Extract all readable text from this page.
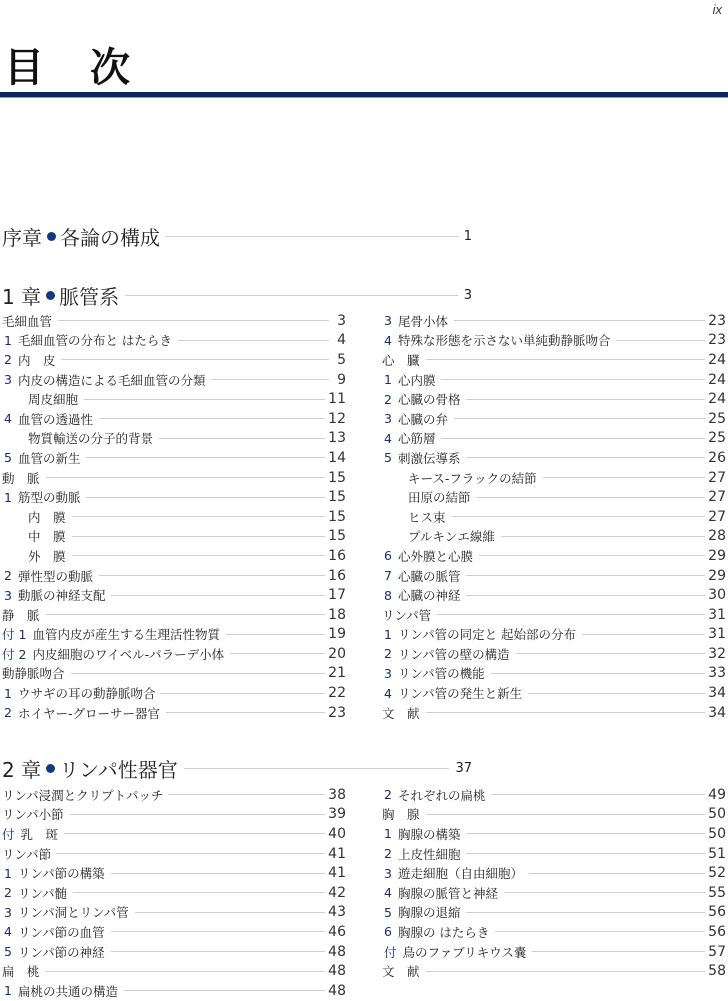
ix
目 次
序章 各論の構成	1
1 章 脈管系	3
毛細血管	3
1 毛細血管の分布と はたらき	4
2 内　皮	5
3 内皮の構造による毛細血管の分類	9
周皮細胞	11
4 血管の透過性	12
物質輸送の分子的背景	13
5 血管の新生	14
動　脈	15
1 筋型の動脈	15
内　膜	15
中　膜	15
外　膜	16
2 弾性型の動脈	16
3 動脈の神経支配	17
静　脈	18
付 1 血管内皮が産生する生理活性物質	19
付 2 内皮細胞のワイベル-パラーデ小体	20
動静脈吻合	21
1 ウサギの耳の動静脈吻合	22
2 ホイヤー-グローサー器官	23
3 尾骨小体	23
4 特殊な形態を示さない単純動静脈吻合	23
心　臓	24
1 心内膜	24
2 心臓の骨格	24
3 心臓の弁	25
4 心筋層	25
5 刺激伝導系	26
キース-フラックの結節	27
田原の結節	27
ヒス束	27
プルキンエ線維	28
6 心外膜と心膜	29
7 心臓の脈管	29
8 心臓の神経	30
リンパ管	31
1 リンパ管の同定と 起始部の分布	31
2 リンパ管の壁の構造	32
3 リンパ管の機能	33
4 リンパ管の発生と新生	34
文　献	34
2 章 リンパ性器官	37
リンパ浸潤とクリプトパッチ	38
リンパ小節	39
付 乳　斑	40
リンパ節	41
1 リンパ節の構築	41
2 リンパ髄	42
3 リンパ洞とリンパ管	43
4 リンパ節の血管	46
5 リンパ節の神経	48
扁　桃	48
1 扁桃の共通の構造	48
2 それぞれの扁桃	49
胸　腺	50
1 胸腺の構築	50
2 上皮性細胞	51
3 遊走細胞（自由細胞）	52
4 胸腺の脈管と神経	55
5 胸腺の退縮	56
6 胸腺の はたらき	56
付 鳥のファブリキウス嚢	57
文　献	58
